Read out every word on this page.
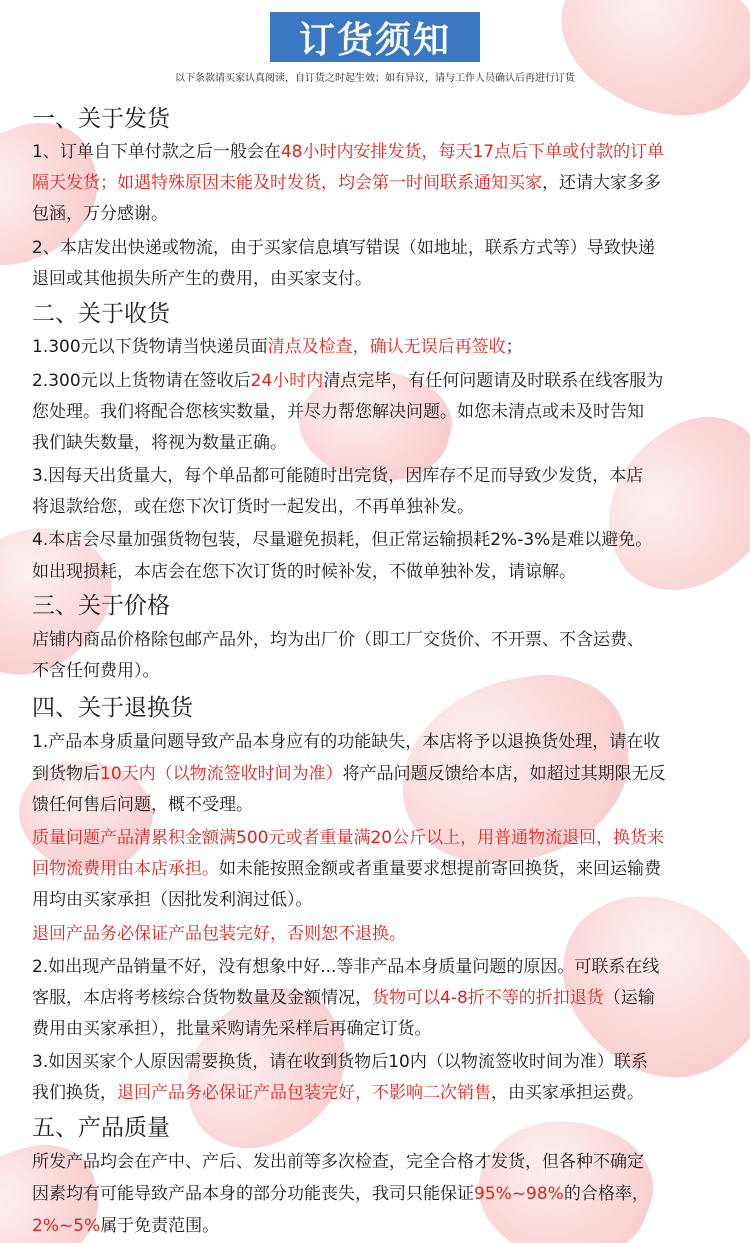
订货须知
以下条款请买家认真阅读，自订货之时起生效；如有异议，请与工作人员确认后再进行订货
一、关于发货
1、订单自下单付款之后一般会在48小时内安排发货，每天17点后下单或付款的订单
隔天发货；如遇特殊原因未能及时发货，均会第一时间联系通知买家，还请大家多多
包涵，万分感谢。
2、本店发出快递或物流，由于买家信息填写错误（如地址，联系方式等）导致快递
退回或其他损失所产生的费用，由买家支付。
二、关于收货
1.300元以下货物请当快递员面清点及检查，确认无误后再签收；
2.300元以上货物请在签收后24小时内清点完毕，有任何问题请及时联系在线客服为
您处理。我们将配合您核实数量，并尽力帮您解决问题。如您未清点或未及时告知
我们缺失数量，将视为数量正确。
3.因每天出货量大，每个单品都可能随时出完货，因库存不足而导致少发货，本店
将退款给您，或在您下次订货时一起发出，不再单独补发。
4.本店会尽量加强货物包装，尽量避免损耗，但正常运输损耗2%-3%是难以避免。
如出现损耗，本店会在您下次订货的时候补发，不做单独补发，请谅解。
三、关于价格
店铺内商品价格除包邮产品外，均为出厂价（即工厂交货价、不开票、不含运费、
不含任何费用）。
四、关于退换货
1.产品本身质量问题导致产品本身应有的功能缺失，本店将予以退换货处理，请在收
到货物后10天内（以物流签收时间为准）将产品问题反馈给本店，如超过其期限无反
馈任何售后问题，概不受理。
质量问题产品清累积金额满500元或者重量满20公斤以上，用普通物流退回，换货来
回物流费用由本店承担。如未能按照金额或者重量要求想提前寄回换货，来回运输费
用均由买家承担（因批发利润过低）。
退回产品务必保证产品包装完好，否则恕不退换。
2.如出现产品销量不好，没有想象中好...等非产品本身质量问题的原因。可联系在线
客服，本店将考核综合货物数量及金额情况，货物可以4-8折不等的折扣退货（运输
费用由买家承担），批量采购请先采样后再确定订货。
3.如因买家个人原因需要换货，请在收到货物后10内（以物流签收时间为准）联系
我们换货，退回产品务必保证产品包装完好，不影响二次销售，由买家承担运费。
五、产品质量
所发产品均会在产中、产后、发出前等多次检查，完全合格才发货，但各种不确定
因素均有可能导致产品本身的部分功能丧失，我司只能保证95%~98%的合格率，
2%~5%属于免责范围。
